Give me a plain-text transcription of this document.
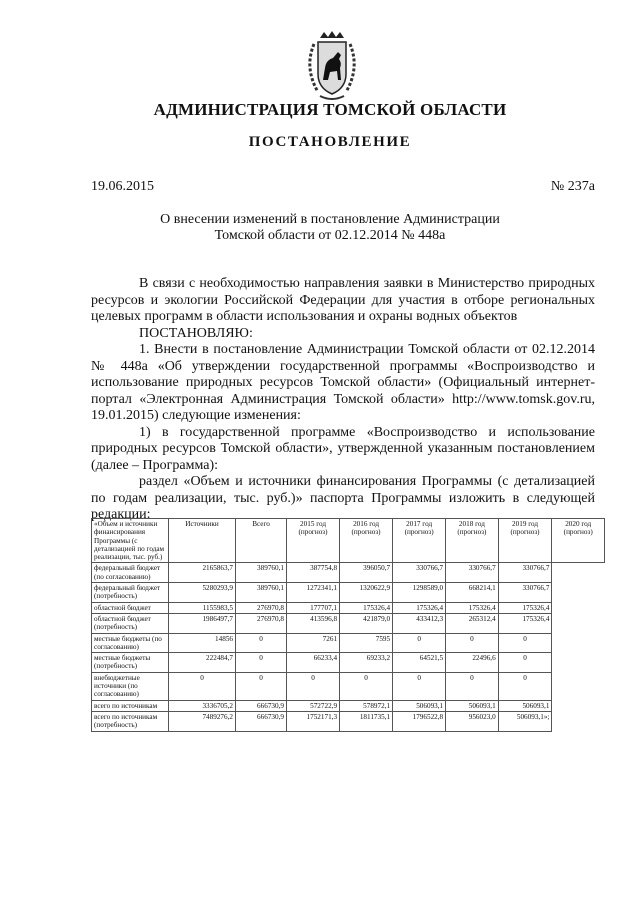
АДМИНИСТРАЦИЯ ТОМСКОЙ ОБЛАСТИ
ПОСТАНОВЛЕНИЕ
19.06.2015	№ 237а
О внесении изменений в постановление Администрации
Томской области от 02.12.2014 № 448а

В связи с необходимостью направления заявки в Министерство природных ресурсов и экологии Российской Федерации для участия в отборе региональных целевых программ в области использования и охраны водных объектов

ПОСТАНОВЛЯЮ:

1. Внести в постановление Администрации Томской области от 02.12.2014 № 448а «Об утверждении государственной программы «Воспроизводство и использование природных ресурсов Томской области» (Официальный интернет-портал «Электронная Администрация Томской области» http://www.tomsk.gov.ru, 19.01.2015) следующие изменения:

1) в государственной программе «Воспроизводство и использование природных ресурсов Томской области», утвержденной указанным постановлением (далее – Программа):

раздел «Объем и источники финансирования Программы (с детализацией по годам реализации, тыс. руб.)» паспорта Программы изложить в следующей редакции:

«Объем и источники финансирования Программы (с детализацией по годам реализации, тыс. руб.)	Источники	Всего	2015 год (прогноз)	2016 год (прогноз)	2017 год (прогноз)	2018 год (прогноз)	2019 год (прогноз)	2020 год (прогноз)
федеральный бюджет (по согласованию)	2165863,7	389760,1	387754,8	396050,7	330766,7	330766,7	330766,7	
федеральный бюджет (потребность)	5280293,9	389760,1	1272341,1	1320622,9	1298589,0	668214,1	330766,7	
областной бюджет	1155983,5	276970,8	177707,1	175326,4	175326,4	175326,4	175326,4	
областной бюджет (потребность)	1986497,7	276970,8	413596,8	421879,0	433412,3	265312,4	175326,4	
местные бюджеты (по согласованию)	14856	0	7261	7595	0	0	0	
местные бюджеты (потребность)	222484,7	0	66233,4	69233,2	64521,5	22496,6	0	
внебюджетные источники (по согласованию)	0	0	0	0	0	0	0	
всего по источникам	3336705,2	666730,9	572722,9	578972,1	506093,1	506093,1	506093,1	
всего по источникам (потребность)	7489276,2	666730,9	1752171,3	1811735,1	1796522,8	956023,0	506093,1»;	
